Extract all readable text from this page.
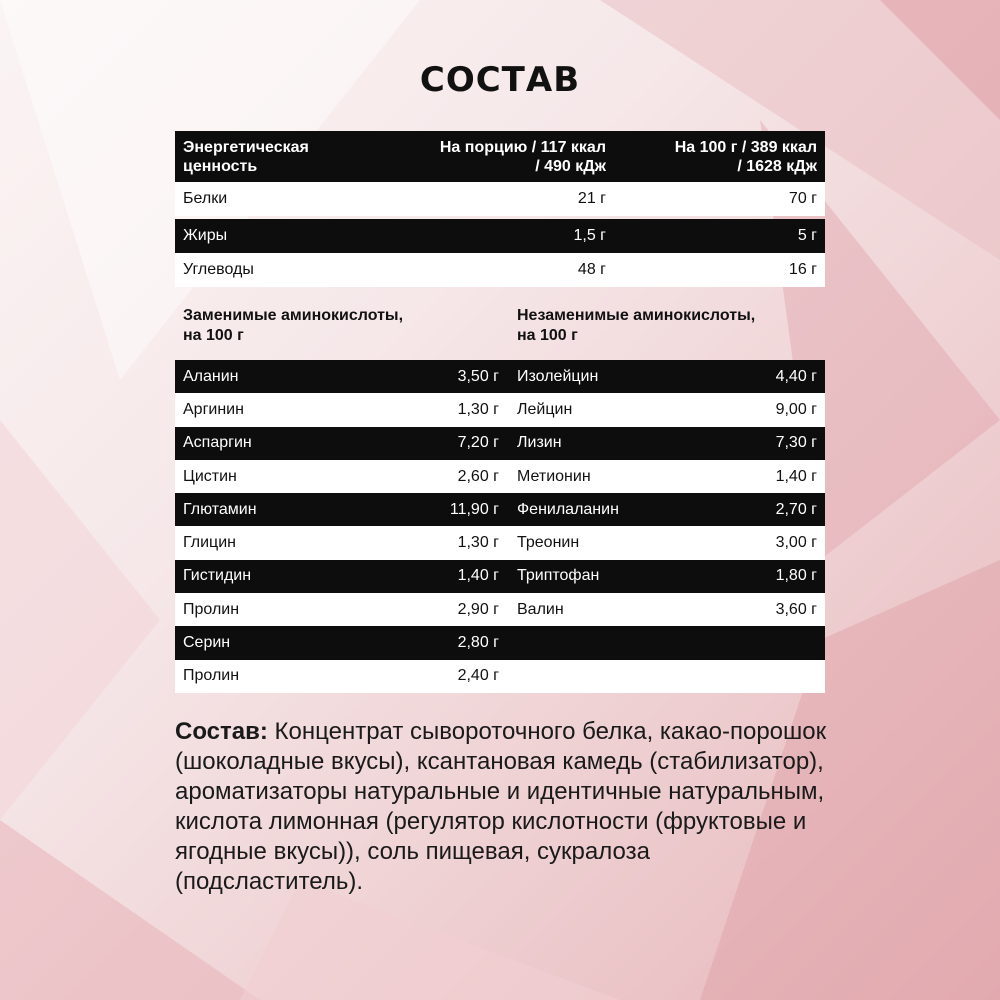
СОСТАВ
Энергетическая
ценность
На порцию / 117 ккал
/ 490 кДж
На 100 г / 389 ккал
/ 1628 кДж
Белки	21 г	70 г
Жиры	1,5 г	5 г
Углеводы	48 г	16 г
Заменимые аминокислоты,
на 100 г
Незаменимые аминокислоты,
на 100 г
Аланин	3,50 г Изолейцин	4,40 г
Аргинин	1,30 г Лейцин	9,00 г
Аспаргин	7,20 г Лизин	7,30 г
Цистин	2,60 г Метионин	1,40 г
Глютамин	11,90 г Фенилаланин	2,70 г
Глицин	1,30 г Треонин	3,00 г
Гистидин	1,40 г Триптофан	1,80 г
Пролин	2,90 г Валин	3,60 г
Серин	2,80 г
Пролин	2,40 г
Состав: Концентрат сывороточного белка, какао-порошок (шоколадные вкусы), ксантановая камедь (стабилизатор), ароматизаторы натуральные и идентичные натуральным, кислота лимонная (регулятор кислотности (фруктовые и ягодные вкусы)), соль пищевая, сукралоза (подсластитель).
